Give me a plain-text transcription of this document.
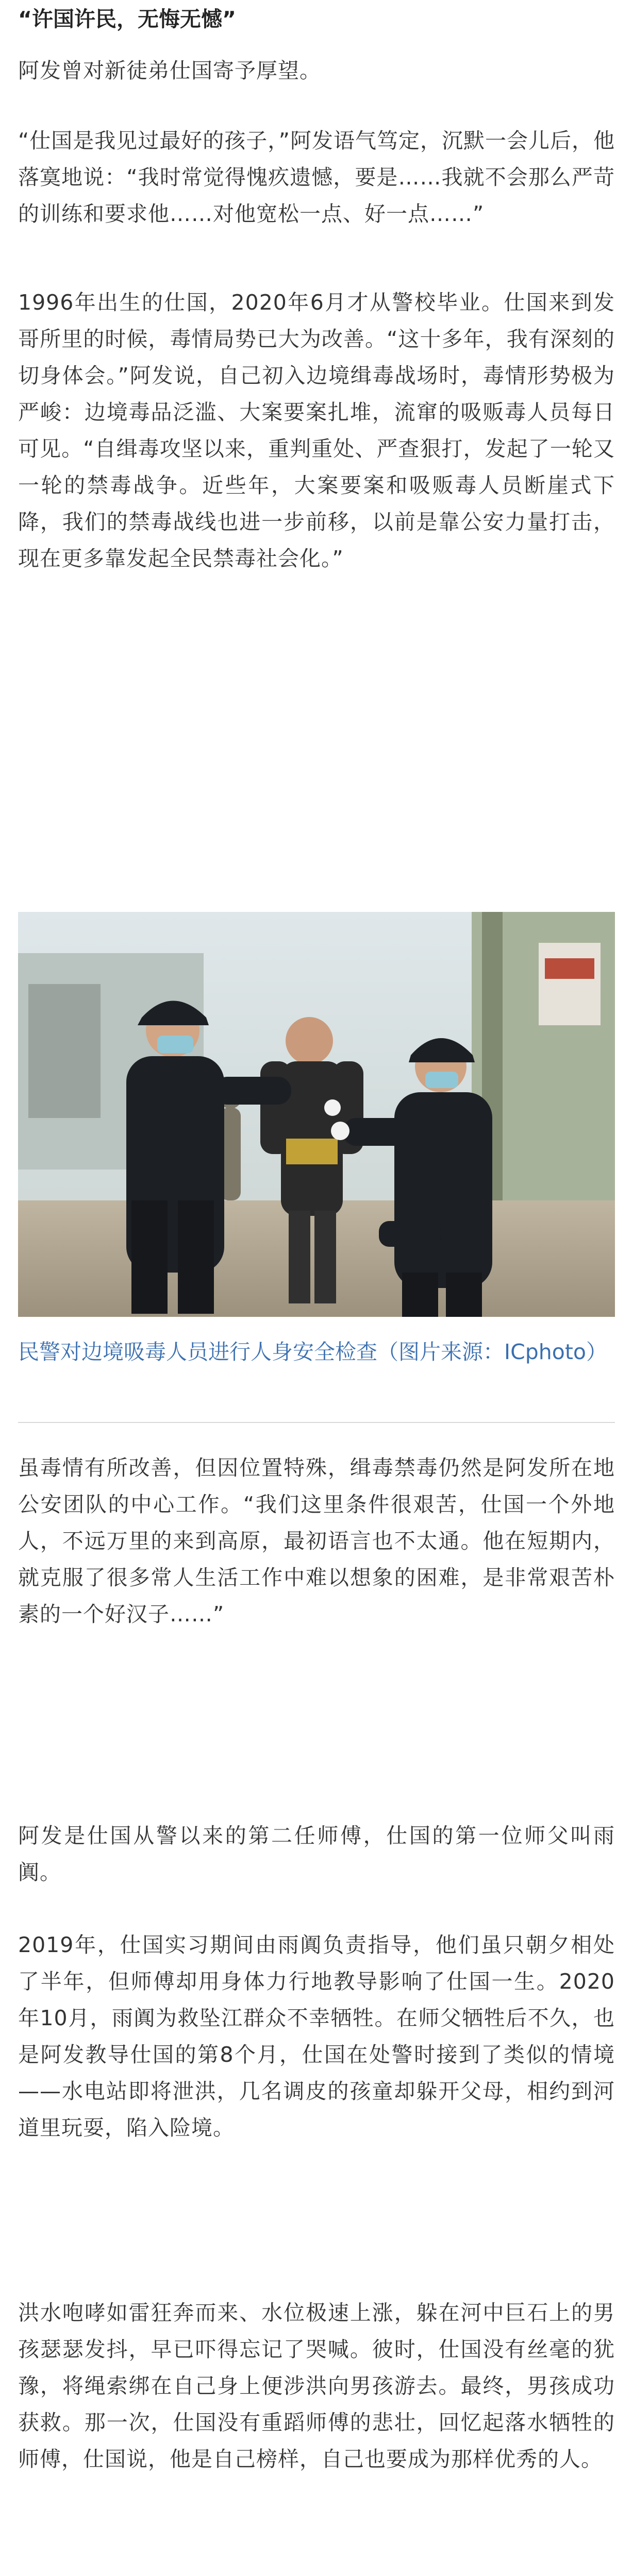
“许国许民，无悔无憾”

阿发曾对新徒弟仕国寄予厚望。

“仕国是我见过最好的孩子，”阿发语气笃定，沉默一会儿后，他落寞地说：“我时常觉得愧疚遗憾，要是……我就不会那么严苛的训练和要求他……对他宽松一点、好一点……”

1996年出生的仕国，2020年6月才从警校毕业。仕国来到发哥所里的时候，毒情局势已大为改善。“这十多年，我有深刻的切身体会。”阿发说，自己初入边境缉毒战场时，毒情形势极为严峻：边境毒品泛滥、大案要案扎堆，流窜的吸贩毒人员每日可见。“自缉毒攻坚以来，重判重处、严查狠打，发起了一轮又一轮的禁毒战争。近些年，大案要案和吸贩毒人员断崖式下降，我们的禁毒战线也进一步前移，以前是靠公安力量打击，现在更多靠发起全民禁毒社会化。”

民警对边境吸毒人员进行人身安全检查（图片来源：ICphoto）

虽毒情有所改善，但因位置特殊，缉毒禁毒仍然是阿发所在地公安团队的中心工作。“我们这里条件很艰苦，仕国一个外地人，不远万里的来到高原，最初语言也不太通。他在短期内，就克服了很多常人生活工作中难以想象的困难，是非常艰苦朴素的一个好汉子……”

阿发是仕国从警以来的第二任师傅，仕国的第一位师父叫雨阗。

2019年，仕国实习期间由雨阗负责指导，他们虽只朝夕相处了半年，但师傅却用身体力行地教导影响了仕国一生。2020年10月，雨阗为救坠江群众不幸牺牲。在师父牺牲后不久，也是阿发教导仕国的第8个月，仕国在处警时接到了类似的情境——水电站即将泄洪，几名调皮的孩童却躲开父母，相约到河道里玩耍，陷入险境。

洪水咆哮如雷狂奔而来、水位极速上涨，躲在河中巨石上的男孩瑟瑟发抖，早已吓得忘记了哭喊。彼时，仕国没有丝毫的犹豫，将绳索绑在自己身上便涉洪向男孩游去。最终，男孩成功获救。那一次，仕国没有重蹈师傅的悲壮，回忆起落水牺牲的师傅，仕国说，他是自己榜样，自己也要成为那样优秀的人。
